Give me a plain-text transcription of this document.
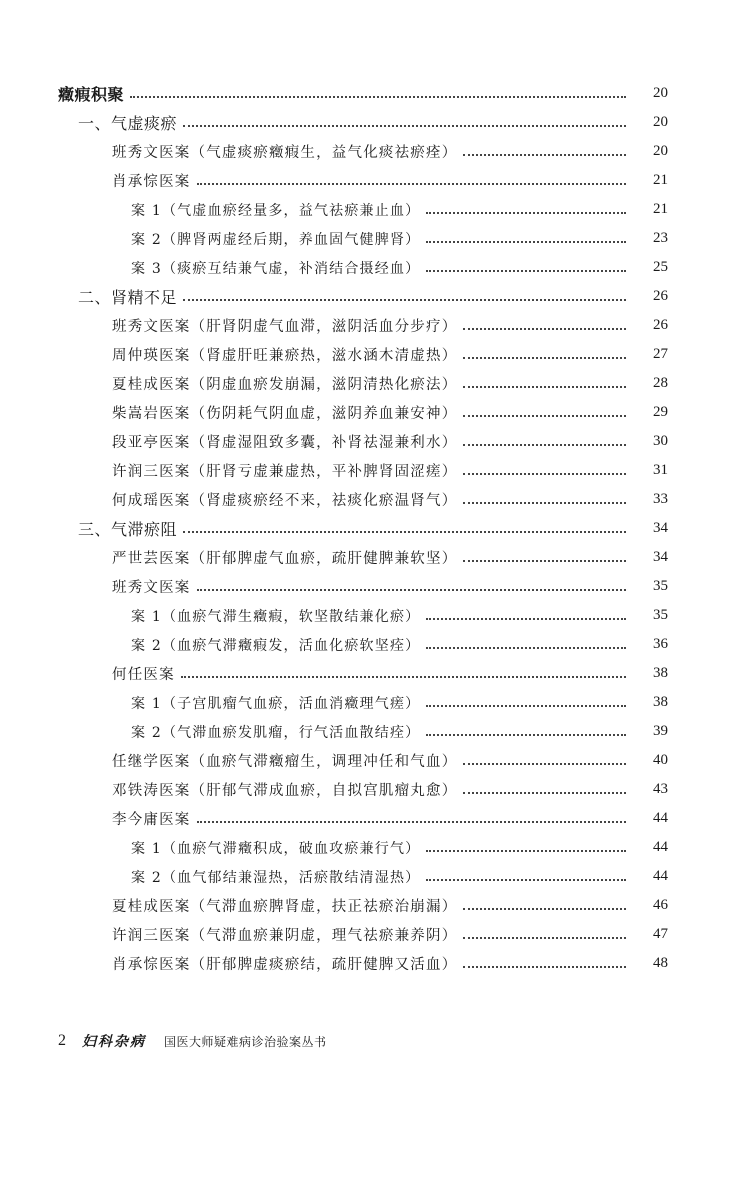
癥瘕积聚	20
一、气虚痰瘀	20
班秀文医案（气虚痰瘀癥瘕生，益气化痰祛瘀痊）	20
肖承悰医案	21
案 1（气虚血瘀经量多，益气祛瘀兼止血）	21
案 2（脾肾两虚经后期，养血固气健脾肾）	23
案 3（痰瘀互结兼气虚，补消结合摄经血）	25
二、肾精不足	26
班秀文医案（肝肾阴虚气血滞，滋阴活血分步疗）	26
周仲瑛医案（肾虚肝旺兼瘀热，滋水涵木清虚热）	27
夏桂成医案（阴虚血瘀发崩漏，滋阴清热化瘀法）	28
柴嵩岩医案（伤阴耗气阴血虚，滋阴养血兼安神）	29
段亚亭医案（肾虚湿阻致多囊，补肾祛湿兼利水）	30
许润三医案（肝肾亏虚兼虚热，平补脾肾固涩瘥）	31
何成瑶医案（肾虚痰瘀经不来，祛痰化瘀温肾气）	33
三、气滞瘀阻	34
严世芸医案（肝郁脾虚气血瘀，疏肝健脾兼软坚）	34
班秀文医案	35
案 1（血瘀气滞生癥瘕，软坚散结兼化瘀）	35
案 2（血瘀气滞癥瘕发，活血化瘀软坚痊）	36
何任医案	38
案 1（子宫肌瘤气血瘀，活血消癥理气瘥）	38
案 2（气滞血瘀发肌瘤，行气活血散结痊）	39
任继学医案（血瘀气滞癥瘤生，调理冲任和气血）	40
邓铁涛医案（肝郁气滞成血瘀，自拟宫肌瘤丸愈）	43
李今庸医案	44
案 1（血瘀气滞癥积成，破血攻瘀兼行气）	44
案 2（血气郁结兼湿热，活瘀散结清湿热）	44
夏桂成医案（气滞血瘀脾肾虚，扶正祛瘀治崩漏）	46
许润三医案（气滞血瘀兼阴虚，理气祛瘀兼养阴）	47
肖承悰医案（肝郁脾虚痰瘀结，疏肝健脾又活血）	48
2 妇科杂病 国医大师疑难病诊治验案丛书
